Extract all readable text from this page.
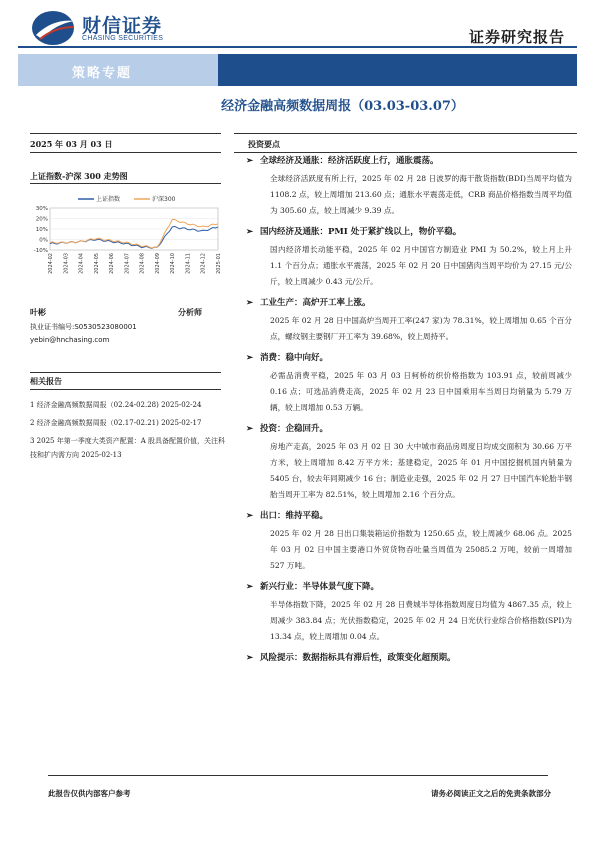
财信证券
CHASING SECURITIES	证券研究报告
策略专题
经济金融高频数据周报（03.03-03.07）
2025 年 03 月 03 日
上证指数-沪深 300 走势图
30%
20%
10%
0%
-10%
2024-02 2024-03 2024-04 2024-05 2024-06 2024-07 2024-08 2024-09 2024-10 2024-11 2024-12 2025-01
上证指数	沪深300
叶彬	分析师
执业证书编号:S0530523080001
yebin@hnchasing.com
相关报告
1 经济金融高频数据周报（02.24-02.28) 2025-02-24
2 经济金融高频数据周报（02.17-02.21) 2025-02-17
3 2025 年第一季度大类资产配置：A 股具备配置价值，关注科技和扩内需方向 2025-02-13
投资要点
➢ 全球经济及通胀：经济活跃度上行，通胀震荡。
全球经济活跃度有所上行，2025 年 02 月 28 日波罗的海干散货指数(BDI)当周平均值为 1108.2 点，较上周增加 213.60 点；通胀水平震荡走低，CRB 商品价格指数当周平均值为 305.60 点，较上周减少 9.39 点。
➢ 国内经济及通胀：PMI 处于紧扩线以上，物价平稳。
国内经济增长动能平稳，2025 年 02 月中国官方制造业 PMI 为 50.2%，较上月上升 1.1 个百分点；通胀水平震荡，2025 年 02 月 20 日中国猪肉当周平均价为 27.15 元/公斤，较上周减少 0.43 元/公斤。
➢ 工业生产：高炉开工率上涨。
2025 年 02 月 28 日中国高炉当周开工率(247 家)为 78.31%，较上周增加 0.65 个百分点，螺纹钢主要钢厂开工率为 39.68%，较上周持平。
➢ 消费：稳中向好。
必需品消费平稳，2025 年 03 月 03 日柯桥纺织价格指数为 103.91 点，较前周减少 0.16 点；可选品消费走高，2025 年 02 月 23 日中国乘用车当周日均销量为 5.79 万辆，较上周增加 0.53 万辆。
➢ 投资：企稳回升。
房地产走高，2025 年 03 月 02 日 30 大中城市商品房周度日均成交面积为 30.66 万平方米，较上周增加 8.42 万平方米；基建稳定，2025 年 01 月中国挖掘机国内销量为 5405 台，较去年同期减少 16 台；制造业走强，2025 年 02 月 27 日中国汽车轮胎半钢胎当周开工率为 82.51%，较上周增加 2.16 个百分点。
➢ 出口：维持平稳。
2025 年 02 月 28 日出口集装箱运价指数为 1250.65 点，较上周减少 68.06 点。2025 年 03 月 02 日中国主要港口外贸货物吞吐量当周值为 25085.2 万吨，较前一周增加 527 万吨。
➢ 新兴行业：半导体景气度下降。
半导体指数下降，2025 年 02 月 28 日费城半导体指数周度日均值为 4867.35 点，较上周减少 383.84 点；光伏指数稳定，2025 年 02 月 24 日光伏行业综合价格指数(SPI)为 13.34 点，较上周增加 0.04 点。
➢ 风险提示：数据指标具有滞后性，政策变化超预期。
此报告仅供内部客户参考	请务必阅读正文之后的免责条款部分
